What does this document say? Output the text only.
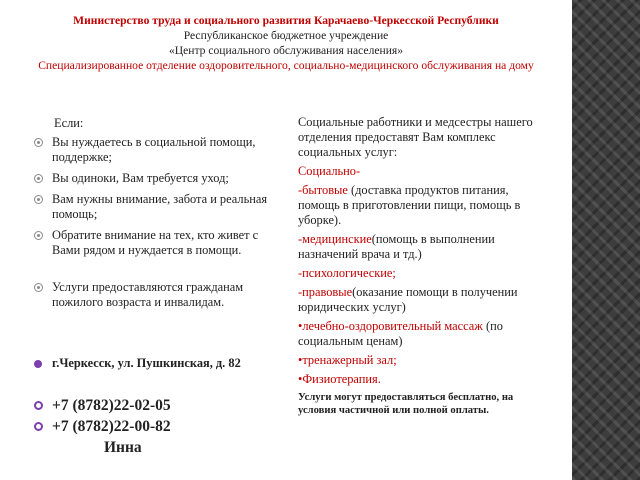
Министерство труда и социального развития Карачаево-Черкесской Республики
Республиканское бюджетное учреждение
«Центр социального обслуживания населения»
Специализированное отделение оздоровительного, социально-медицинского обслуживания на дому
Если:
Вы нуждаетесь в социальной помощи, поддержке;
Вы одиноки, Вам требуется уход;
Вам нужны внимание, забота и реальная помощь;
Обратите внимание на тех, кто живет с Вами рядом и нуждается в помощи.
Услуги предоставляются гражданам пожилого возраста и инвалидам.
г.Черкесск, ул. Пушкинская, д. 82
+7 (8782)22-02-05
+7 (8782)22-00-82
Инна

Социальные работники и медсестры нашего отделения предоставят Вам комплекс социальных услуг:

Социально-

-бытовые (доставка продуктов питания, помощь в приготовлении пищи, помощь в уборке).

-медицинские(помощь в выполнении назначений врача и тд.)

-психологические;

-правовые(оказание помощи в получении юридических услуг)

•лечебно-оздоровительный массаж (по социальным ценам)

•тренажерный зал;

•Физиотерапия.

Услуги могут предоставляться бесплатно, на условия частичной или полной оплаты.
